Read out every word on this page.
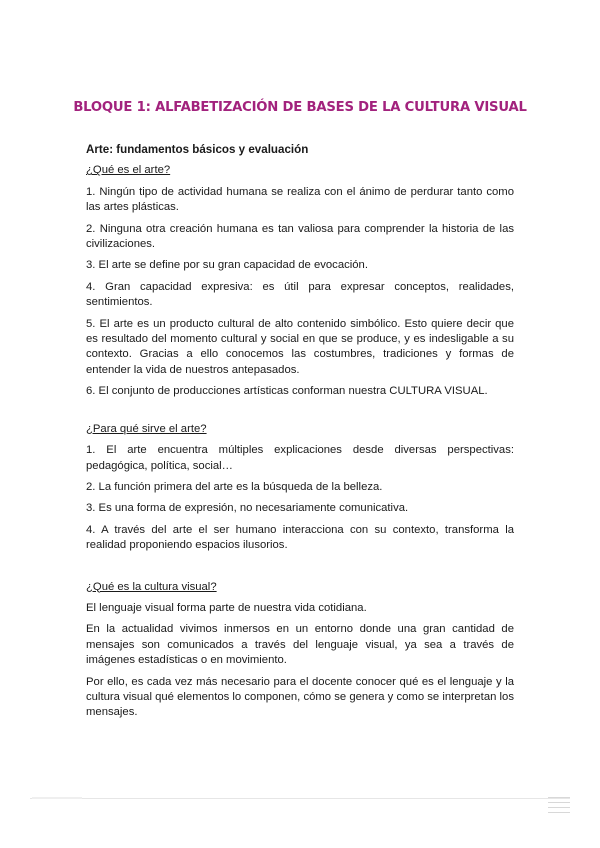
BLOQUE 1: ALFABETIZACIÓN DE BASES DE LA CULTURA VISUAL

Arte: fundamentos básicos y evaluación

¿Qué es el arte?

1. Ningún tipo de actividad humana se realiza con el ánimo de perdurar tanto como las artes plásticas.

2. Ninguna otra creación humana es tan valiosa para comprender la historia de las civilizaciones.

3. El arte se define por su gran capacidad de evocación.

4. Gran capacidad expresiva: es útil para expresar conceptos, realidades, sentimientos.

5. El arte es un producto cultural de alto contenido simbólico. Esto quiere decir que es resultado del momento cultural y social en que se produce, y es indesligable a su contexto. Gracias a ello conocemos las costumbres, tradiciones y formas de entender la vida de nuestros antepasados.

6. El conjunto de producciones artísticas conforman nuestra CULTURA VISUAL.

¿Para qué sirve el arte?

1. El arte encuentra múltiples explicaciones desde diversas perspectivas: pedagógica, política, social…

2. La función primera del arte es la búsqueda de la belleza.

3. Es una forma de expresión, no necesariamente comunicativa.

4. A través del arte el ser humano interacciona con su contexto, transforma la realidad proponiendo espacios ilusorios.

¿Qué es la cultura visual?

El lenguaje visual forma parte de nuestra vida cotidiana.

En la actualidad vivimos inmersos en un entorno donde una gran cantidad de mensajes son comunicados a través del lenguaje visual, ya sea a través de imágenes estadísticas o en movimiento.

Por ello, es cada vez más necesario para el docente conocer qué es el lenguaje y la cultura visual qué elementos lo componen, cómo se genera y como se interpretan los mensajes.
